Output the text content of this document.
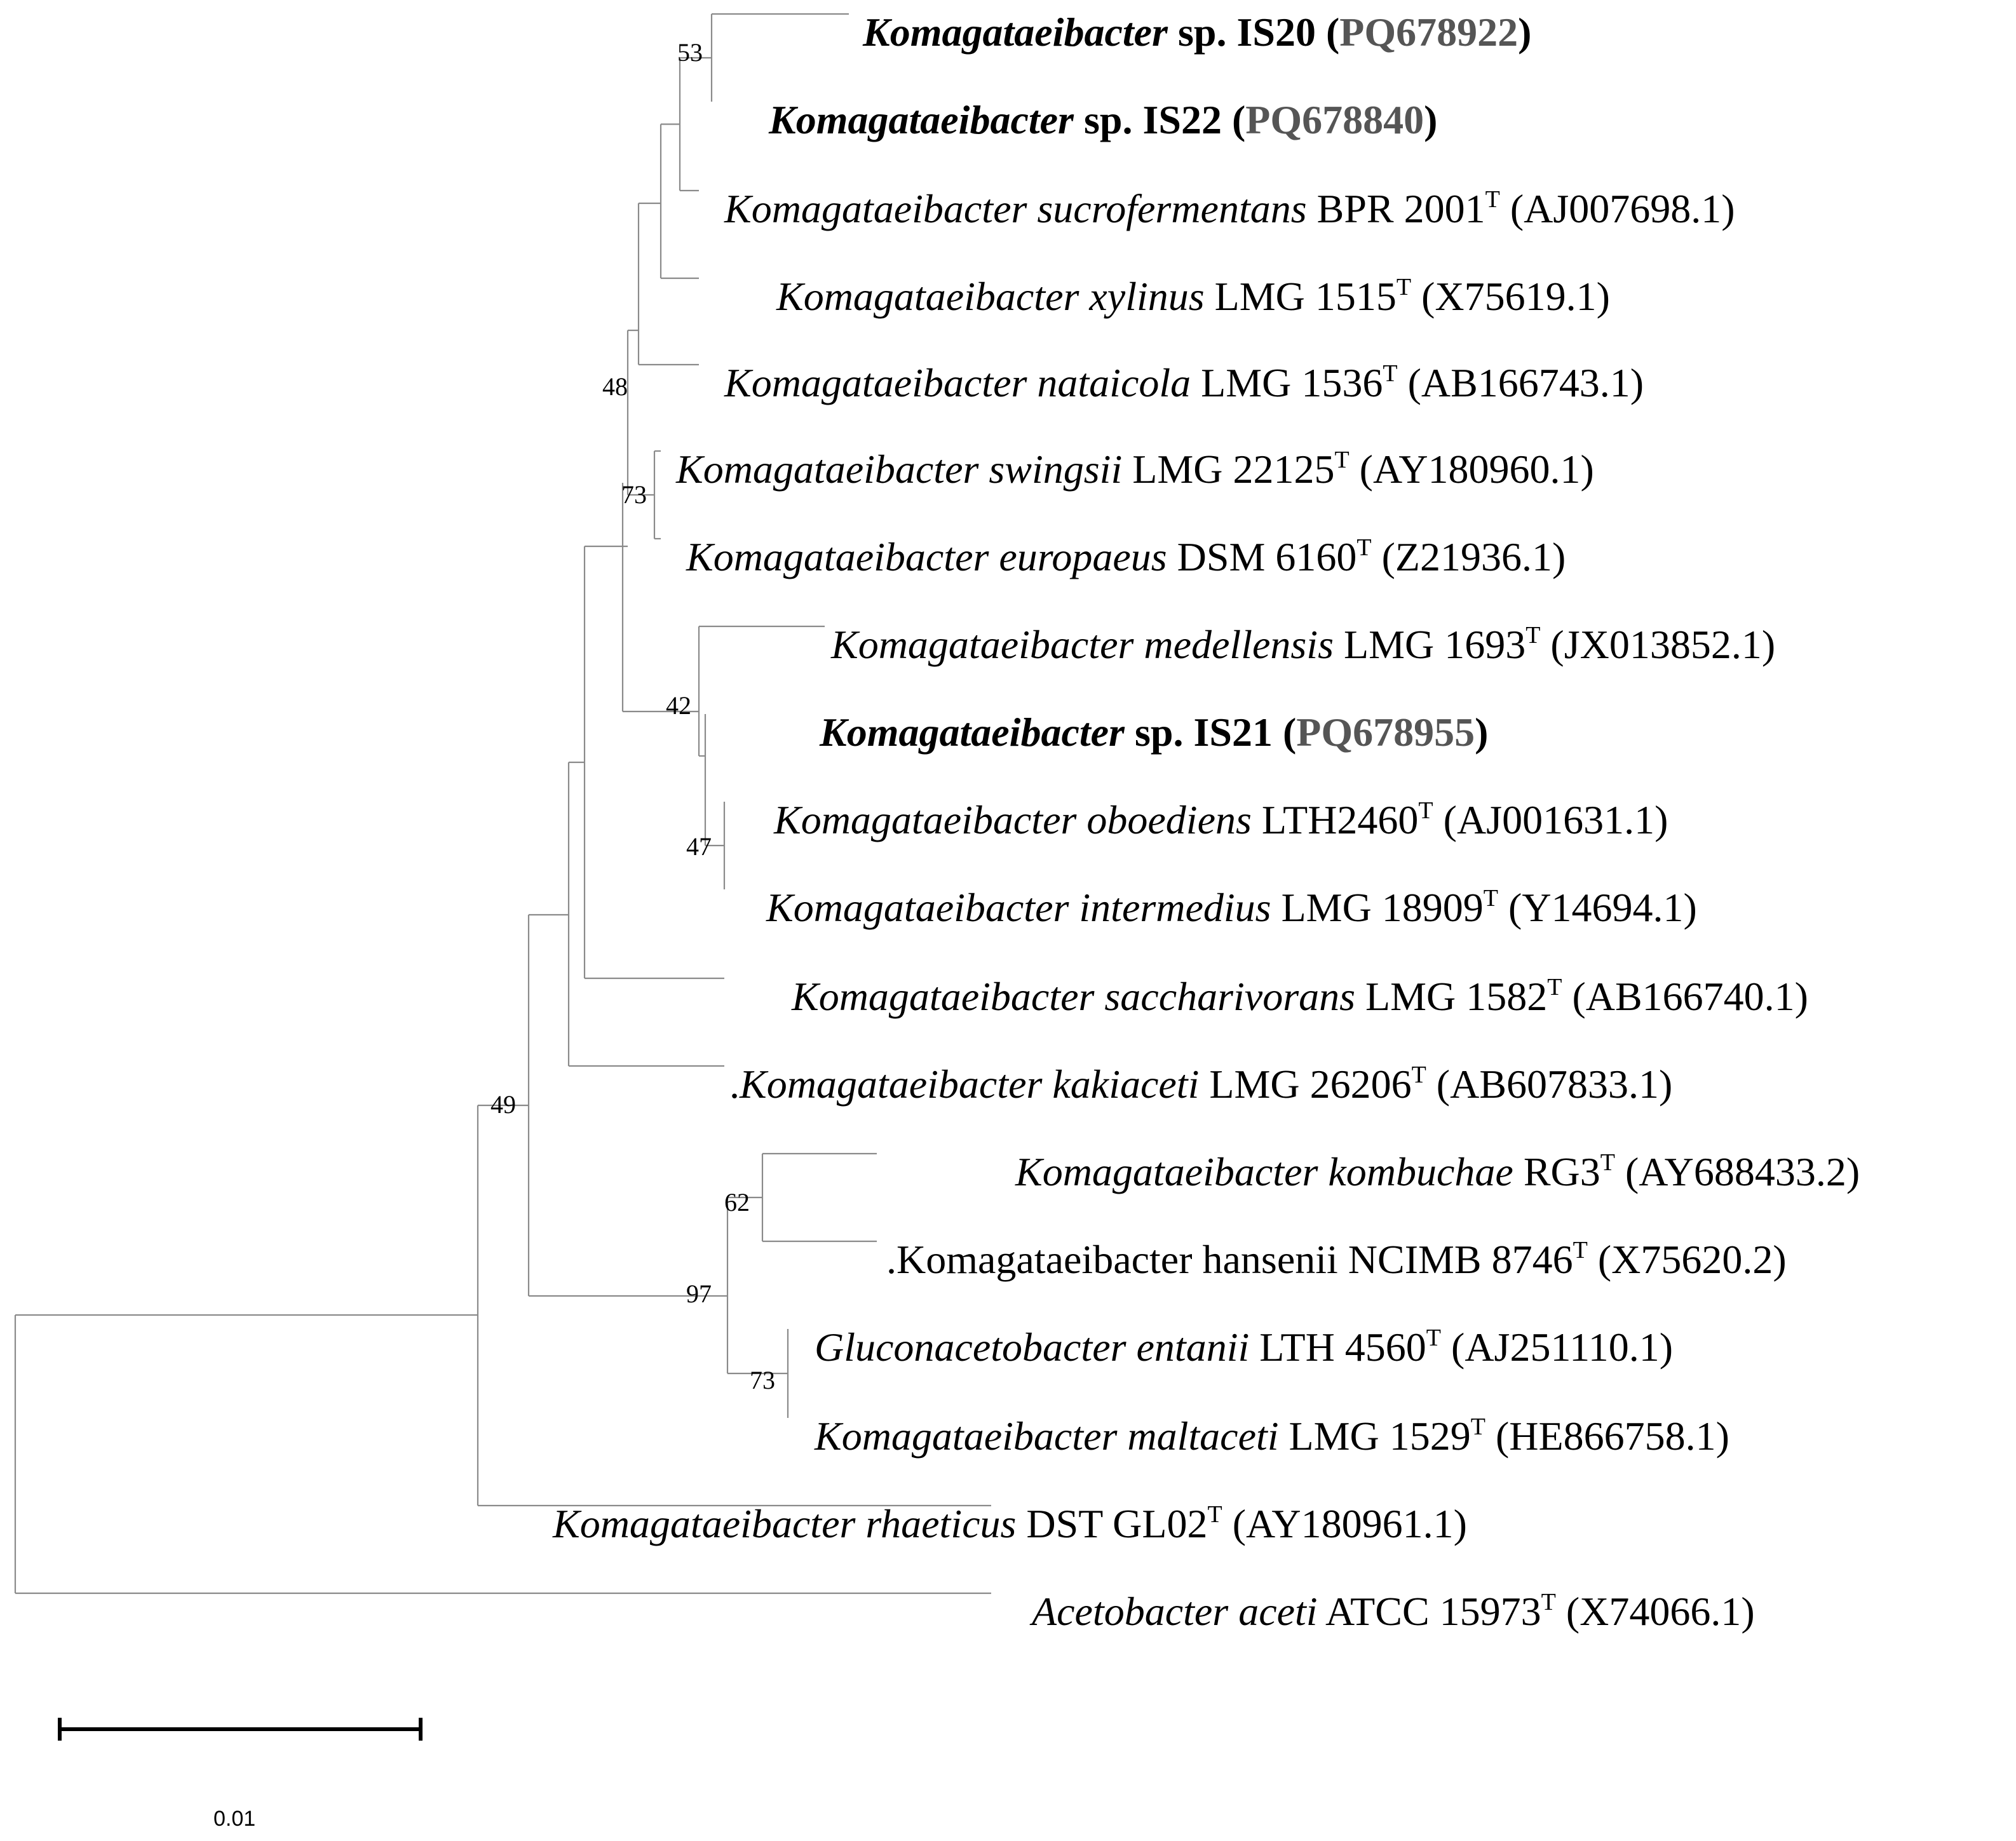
53
48
73
42
47
62
97
73
49
Komagataeibacter sp. IS20 (PQ678922)
Komagataeibacter sp. IS22 (PQ678840)
Komagataeibacter sucrofermentans BPR $2001^T$ (AJ007698.1)
Komagataeibacter xylinus LMG $1515^T$ (X75619.1)
Komagataeibacter nataicola LMG $1536^T$ (AB166743.1)
Komagataeibacter swingsii LMG $22125^T$ (AY180960.1)
Komagataeibacter europaeus DSM $6160^T$ (Z21936.1)
Komagataeibacter medellensis LMG $1693^T$ (JX013852.1)
Komagataeibacter sp. IS21 (PQ678955)
Komagataeibacter oboediens $LTH2460^T$ (AJ001631.1)
Komagataeibacter intermedius LMG $18909^T$ (Y14694.1)
Komagataeibacter saccharivorans LMG $1582^T$ (AB166740.1)
.Komagataeibacter kakiaceti LMG $26206^T$ (AB607833.1)
Komagataeibacter kombuchae $RG3^T$ (AY688433.2)
.Komagataeibacter hansenii NCIMB $8746^T$ (X75620.2)
Gluconacetobacter entanii LTH $4560^T$ (AJ251110.1)
Komagataeibacter maltaceti LMG $1529^T$ (HE866758.1)
Komagataeibacter rhaeticus DST $GL02^T$ (AY180961.1)
Acetobacter aceti ATCC $15973^T$ (X74066.1)
0.01
